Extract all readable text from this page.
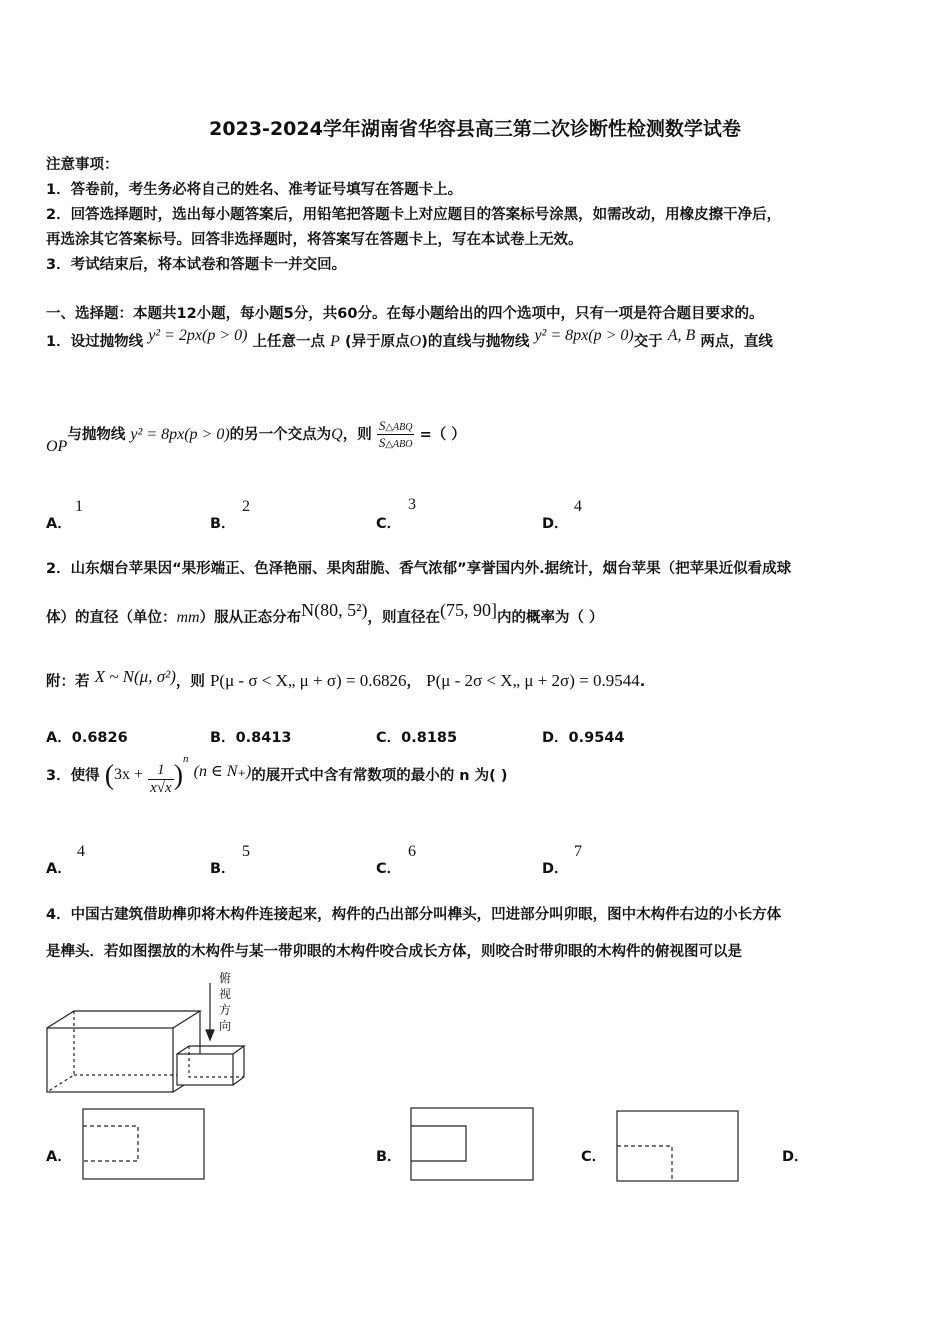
2023-2024学年湖南省华容县高三第二次诊断性检测数学试卷
注意事项：
1．答卷前，考生务必将自己的姓名、准考证号填写在答题卡上。
2．回答选择题时，选出每小题答案后，用铅笔把答题卡上对应题目的答案标号涂黑，如需改动，用橡皮擦干净后，
再选涂其它答案标号。回答非选择题时，将答案写在答题卡上，写在本试卷上无效。
3．考试结束后，将本试卷和答题卡一并交回。
一、选择题：本题共12小题，每小题5分，共60分。在每小题给出的四个选项中，只有一项是符合题目要求的。
1．设过抛物线 y² = 2px(p > 0) 上任意一点 P (异于原点O)的直线与抛物线 y² = 8px(p > 0)交于 A, B 两点，直线
OP与抛物线 y² = 8px(p > 0)的另一个交点为Q，则 $\frac{\text{S△ABQ}}{\text{S△ABO}}$ =（ ）
A．
1
B．
2
C．
3
D．
4
2．山东烟台苹果因“果形端正、色泽艳丽、果肉甜脆、香气浓郁”享誉国内外.据统计，烟台苹果（把苹果近似看成球
体）的直径（单位：mm）服从正态分布N(80, 5²)，则直径在(75, 90]内的概率为（ ）
附：若 X ~ N(μ, σ²)，则 P(μ - σ < X„ μ + σ) = 0.6826， P(μ - 2σ < X„ μ + 2σ) = 0.9544.
A．0.6826	B．0.8413	C．0.8185	D．0.9544
3．使得 $(3x + \frac{1}{x√x} )^n$ (n ∈ N₊)的展开式中含有常数项的最小的 n 为( )
A．
4
B．
5
C．
6
D．
7
4．中国古建筑借助榫卯将木构件连接起来，构件的凸出部分叫榫头，凹进部分叫卯眼，图中木构件右边的小长方体
是榫头．若如图摆放的木构件与某一带卯眼的木构件咬合成长方体，则咬合时带卯眼的木构件的俯视图可以是
俯
视
方
向
A．	B．	C．	D．
